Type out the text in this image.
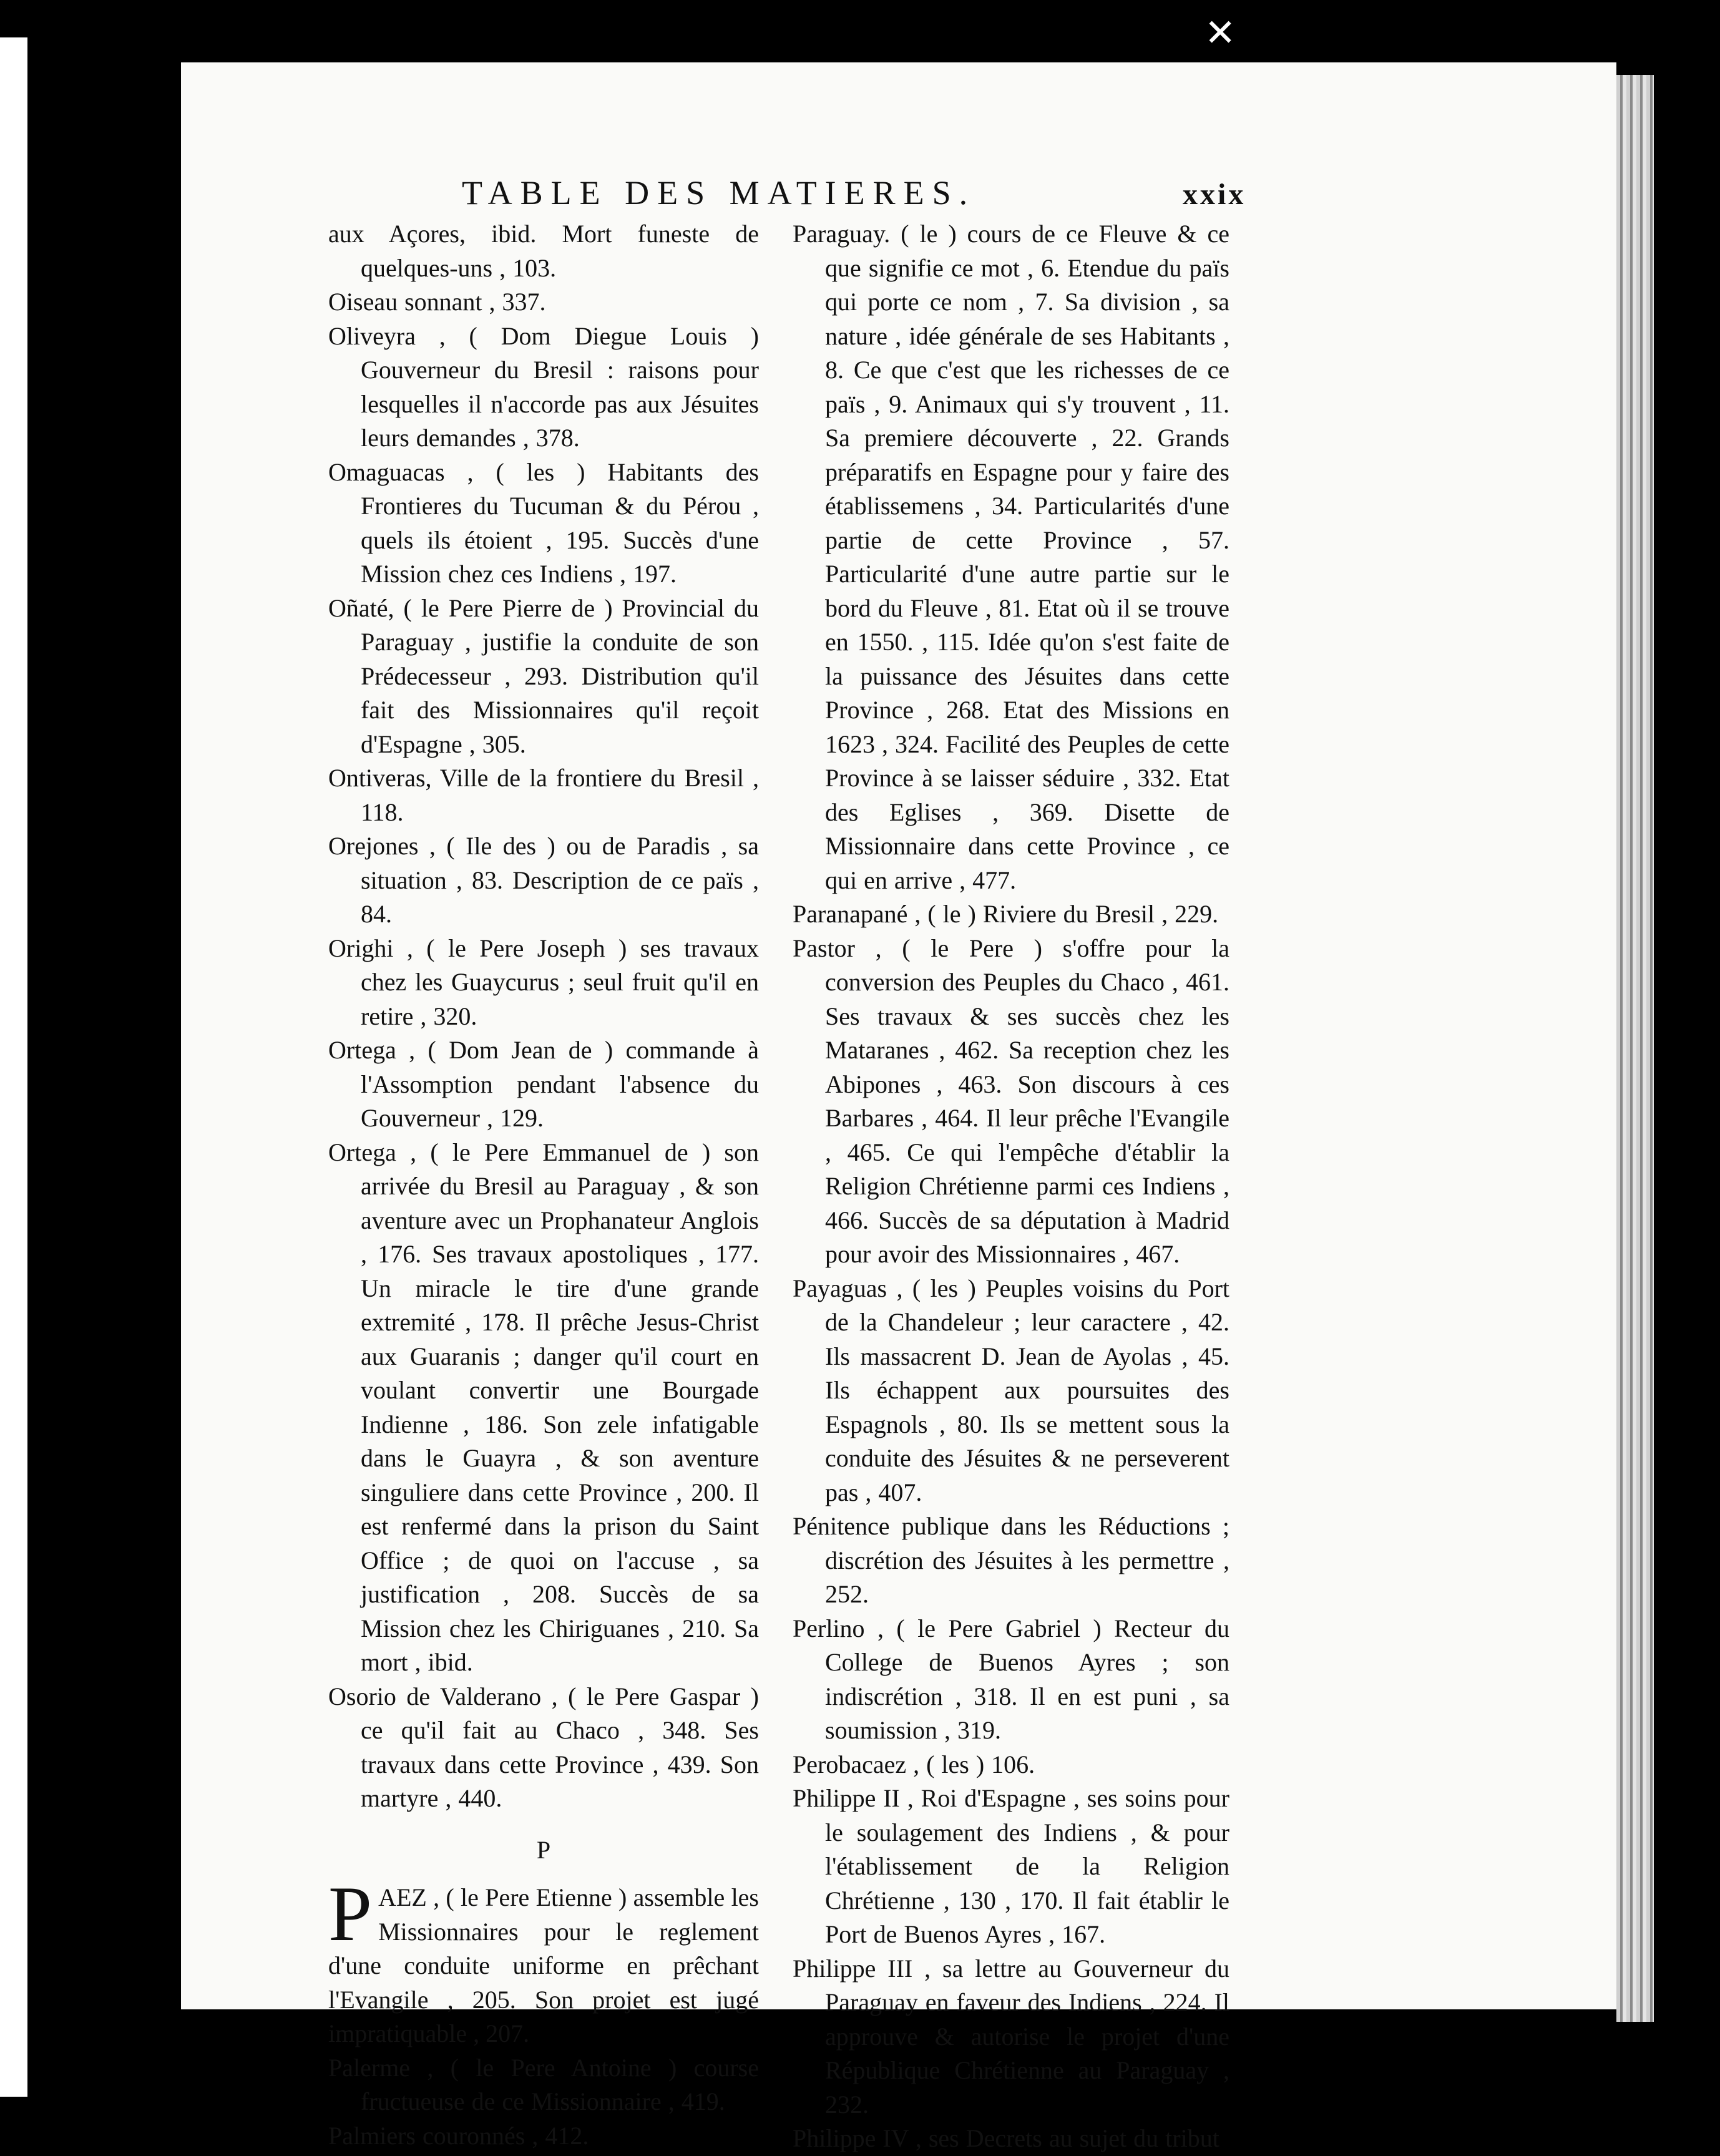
✕
TABLE DES MATIERES.	xxix

aux Açores, ibid. Mort funeste de quelques-uns , 103.

Oiseau sonnant , 337.

Oliveyra , ( Dom Diegue Louis ) Gouverneur du Bresil : raisons pour lesquelles il n'accorde pas aux Jésuites leurs demandes , 378.

Omaguacas , ( les ) Habitants des Frontieres du Tucuman & du Pérou , quels ils étoient , 195. Succès d'une Mission chez ces Indiens , 197.

Oñaté, ( le Pere Pierre de ) Provincial du Paraguay , justifie la conduite de son Prédecesseur , 293. Distribution qu'il fait des Missionnaires qu'il reçoit d'Espagne , 305.

Ontiveras, Ville de la frontiere du Bresil , 118.

Orejones , ( Ile des ) ou de Paradis , sa situation , 83. Description de ce païs , 84.

Orighi , ( le Pere Joseph ) ses travaux chez les Guaycurus ; seul fruit qu'il en retire , 320.

Ortega , ( Dom Jean de ) commande à l'Assomption pendant l'absence du Gouverneur , 129.

Ortega , ( le Pere Emmanuel de ) son arrivée du Bresil au Paraguay , & son aventure avec un Prophanateur Anglois , 176. Ses travaux apostoliques , 177. Un miracle le tire d'une grande extremité , 178. Il prêche Jesus-Christ aux Guaranis ; danger qu'il court en voulant convertir une Bourgade Indienne , 186. Son zele infatigable dans le Guayra , & son aventure singuliere dans cette Province , 200. Il est renfermé dans la prison du Saint Office ; de quoi on l'accuse , sa justification , 208. Succès de sa Mission chez les Chiriguanes , 210. Sa mort , ibid.

Osorio de Valderano , ( le Pere Gaspar ) ce qu'il fait au Chaco , 348. Ses travaux dans cette Province , 439. Son martyre , 440.

P

PAEZ , ( le Pere Etienne ) assemble les Missionnaires pour le reglement d'une conduite uniforme en prêchant l'Evangile , 205. Son projet est jugé impratiquable , 207.

Palerme , ( le Pere Antoine ) course fructueuse de ce Missionnaire , 419.

Palmiers couronnés , 412.

Paraguay. ( le ) cours de ce Fleuve & ce que signifie ce mot , 6. Etendue du païs qui porte ce nom , 7. Sa division , sa nature , idée générale de ses Habitants , 8. Ce que c'est que les richesses de ce païs , 9. Animaux qui s'y trouvent , 11. Sa premiere découverte , 22. Grands préparatifs en Espagne pour y faire des établissemens , 34. Particularités d'une partie de cette Province , 57. Particularité d'une autre partie sur le bord du Fleuve , 81. Etat où il se trouve en 1550. , 115. Idée qu'on s'est faite de la puissance des Jésuites dans cette Province , 268. Etat des Missions en 1623 , 324. Facilité des Peuples de cette Province à se laisser séduire , 332. Etat des Eglises , 369. Disette de Missionnaire dans cette Province , ce qui en arrive , 477.

Paranapané , ( le ) Riviere du Bresil , 229.

Pastor , ( le Pere ) s'offre pour la conversion des Peuples du Chaco , 461. Ses travaux & ses succès chez les Mataranes , 462. Sa reception chez les Abipones , 463. Son discours à ces Barbares , 464. Il leur prêche l'Evangile , 465. Ce qui l'empêche d'établir la Religion Chrétienne parmi ces Indiens , 466. Succès de sa députation à Madrid pour avoir des Missionnaires , 467.

Payaguas , ( les ) Peuples voisins du Port de la Chandeleur ; leur caractere , 42. Ils massacrent D. Jean de Ayolas , 45. Ils échappent aux poursuites des Espagnols , 80. Ils se mettent sous la conduite des Jésuites & ne perseverent pas , 407.

Pénitence publique dans les Réductions ; discrétion des Jésuites à les permettre , 252.

Perlino , ( le Pere Gabriel ) Recteur du College de Buenos Ayres ; son indiscrétion , 318. Il en est puni , sa soumission , 319.

Perobacaez , ( les ) 106.

Philippe II , Roi d'Espagne , ses soins pour le soulagement des Indiens , & pour l'établissement de la Religion Chrétienne , 130 , 170. Il fait établir le Port de Buenos Ayres , 167.

Philippe III , sa lettre au Gouverneur du Paraguay en faveur des Indiens , 224. Il approuve & autorise le projet d'une République Chrétienne au Paraguay , 232.

Philippe IV , ses Decrets au sujet du tribut
